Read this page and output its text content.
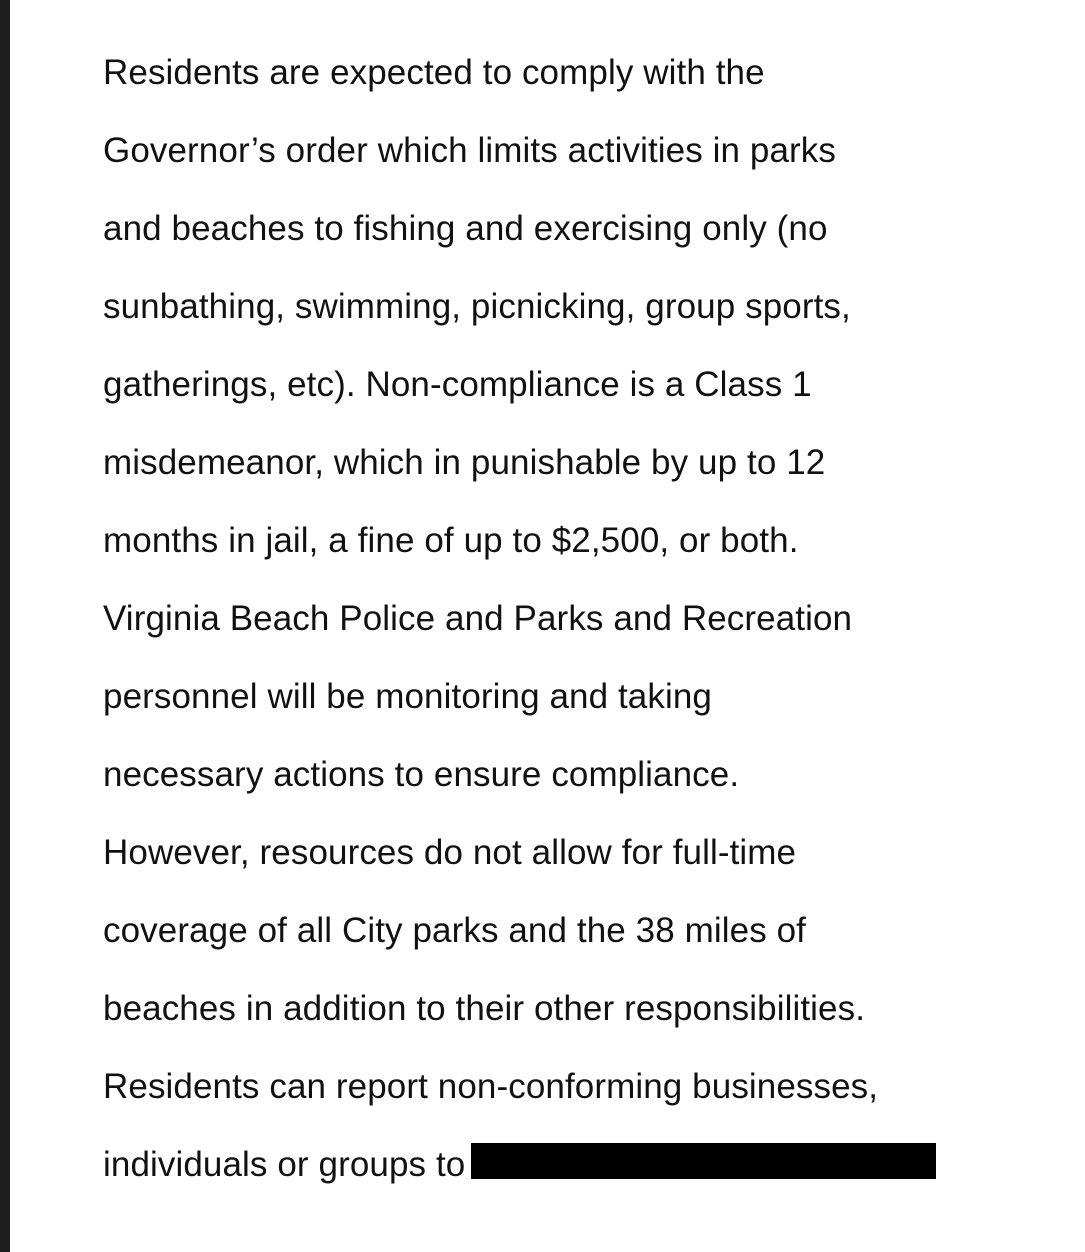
Residents are expected to comply with the
Governor’s order which limits activities in parks
and beaches to fishing and exercising only (no
sunbathing, swimming, picnicking, group sports,
gatherings, etc). Non-compliance is a Class 1
misdemeanor, which in punishable by up to 12
months in jail, a fine of up to $2,500, or both.
Virginia Beach Police and Parks and Recreation
personnel will be monitoring and taking
necessary actions to ensure compliance.
However, resources do not allow for full-time
coverage of all City parks and the 38 miles of
beaches in addition to their other responsibilities.
Residents can report non-conforming businesses,
individuals or groups to
